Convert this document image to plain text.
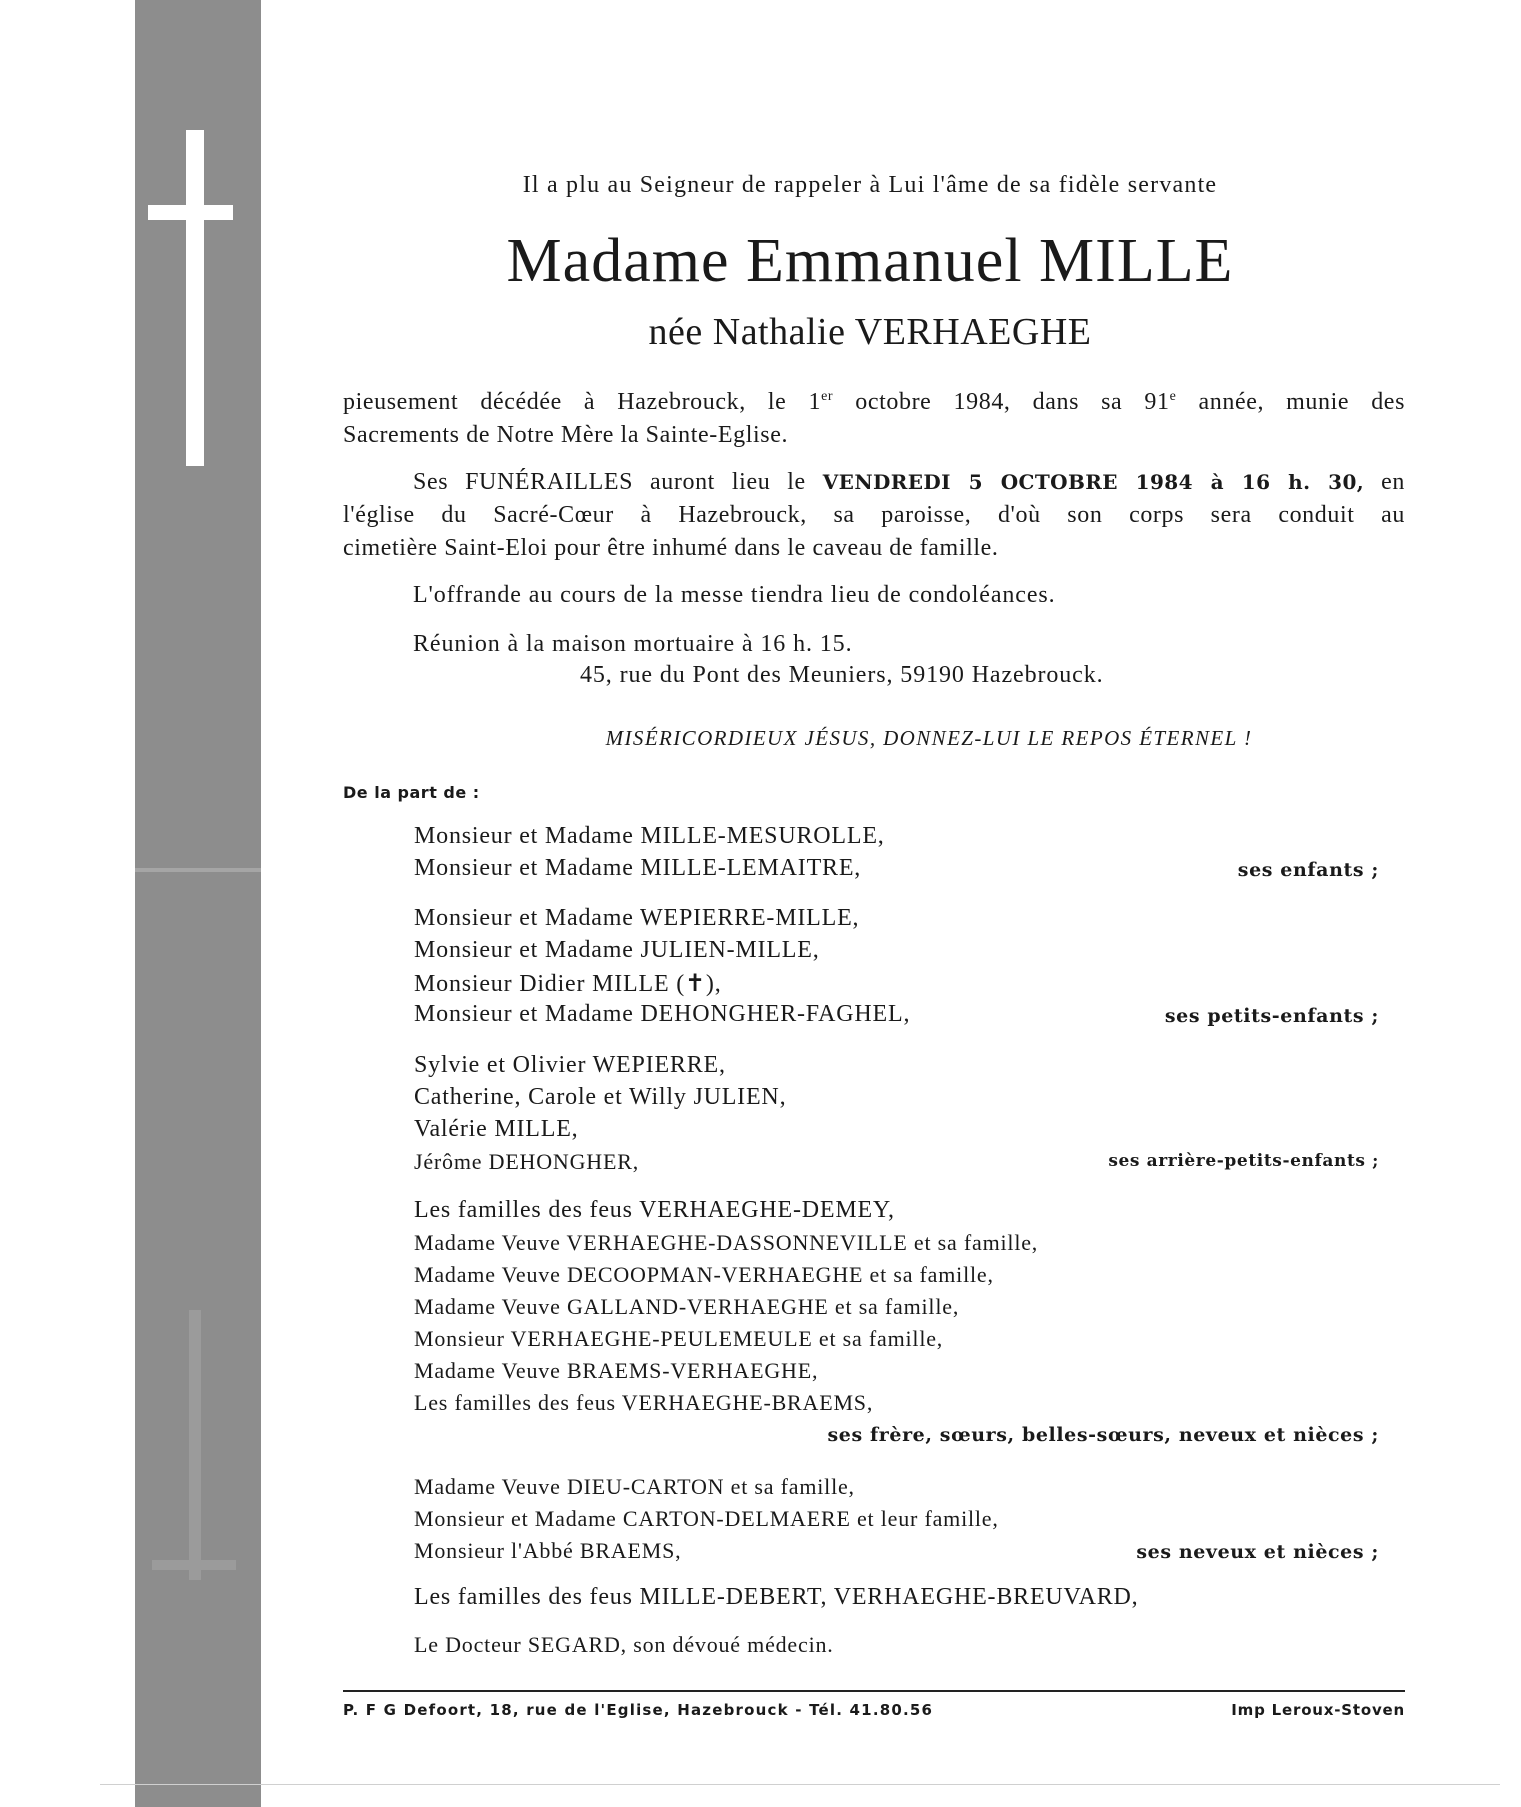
Il a plu au Seigneur de rappeler à Lui l'âme de sa fidèle servante
Madame Emmanuel MILLE
née Nathalie VERHAEGHE
pieusement décédée à Hazebrouck, le 1er octobre 1984, dans sa 91e année, munie des
Sacrements de Notre Mère la Sainte-Eglise.
Ses FUNÉRAILLES auront lieu le VENDREDI 5 OCTOBRE 1984 à 16 h. 30, en
l'église du Sacré-Cœur à Hazebrouck, sa paroisse, d'où son corps sera conduit au
cimetière Saint-Eloi pour être inhumé dans le caveau de famille.
L'offrande au cours de la messe tiendra lieu de condoléances.
Réunion à la maison mortuaire à 16 h. 15.
45, rue du Pont des Meuniers, 59190 Hazebrouck.
MISÉRICORDIEUX JÉSUS, DONNEZ-LUI LE REPOS ÉTERNEL !
De la part de :
Monsieur et Madame MILLE-MESUROLLE,
Monsieur et Madame MILLE-LEMAITRE,	ses enfants ;
Monsieur et Madame WEPIERRE-MILLE,
Monsieur et Madame JULIEN-MILLE,
Monsieur Didier MILLE (✝),
Monsieur et Madame DEHONGHER-FAGHEL,	ses petits-enfants ;
Sylvie et Olivier WEPIERRE,
Catherine, Carole et Willy JULIEN,
Valérie MILLE,
Jérôme DEHONGHER,	ses arrière-petits-enfants ;
Les familles des feus VERHAEGHE-DEMEY,
Madame Veuve VERHAEGHE-DASSONNEVILLE et sa famille,
Madame Veuve DECOOPMAN-VERHAEGHE et sa famille,
Madame Veuve GALLAND-VERHAEGHE et sa famille,
Monsieur VERHAEGHE-PEULEMEULE et sa famille,
Madame Veuve BRAEMS-VERHAEGHE,
Les familles des feus VERHAEGHE-BRAEMS,
ses frère, sœurs, belles-sœurs, neveux et nièces ;
Madame Veuve DIEU-CARTON et sa famille,
Monsieur et Madame CARTON-DELMAERE et leur famille,
Monsieur l'Abbé BRAEMS,	ses neveux et nièces ;
Les familles des feus MILLE-DEBERT, VERHAEGHE-BREUVARD,
Le Docteur SEGARD, son dévoué médecin.
P. F G Defoort, 18, rue de l'Eglise, Hazebrouck - Tél. 41.80.56	Imp Leroux-Stoven
